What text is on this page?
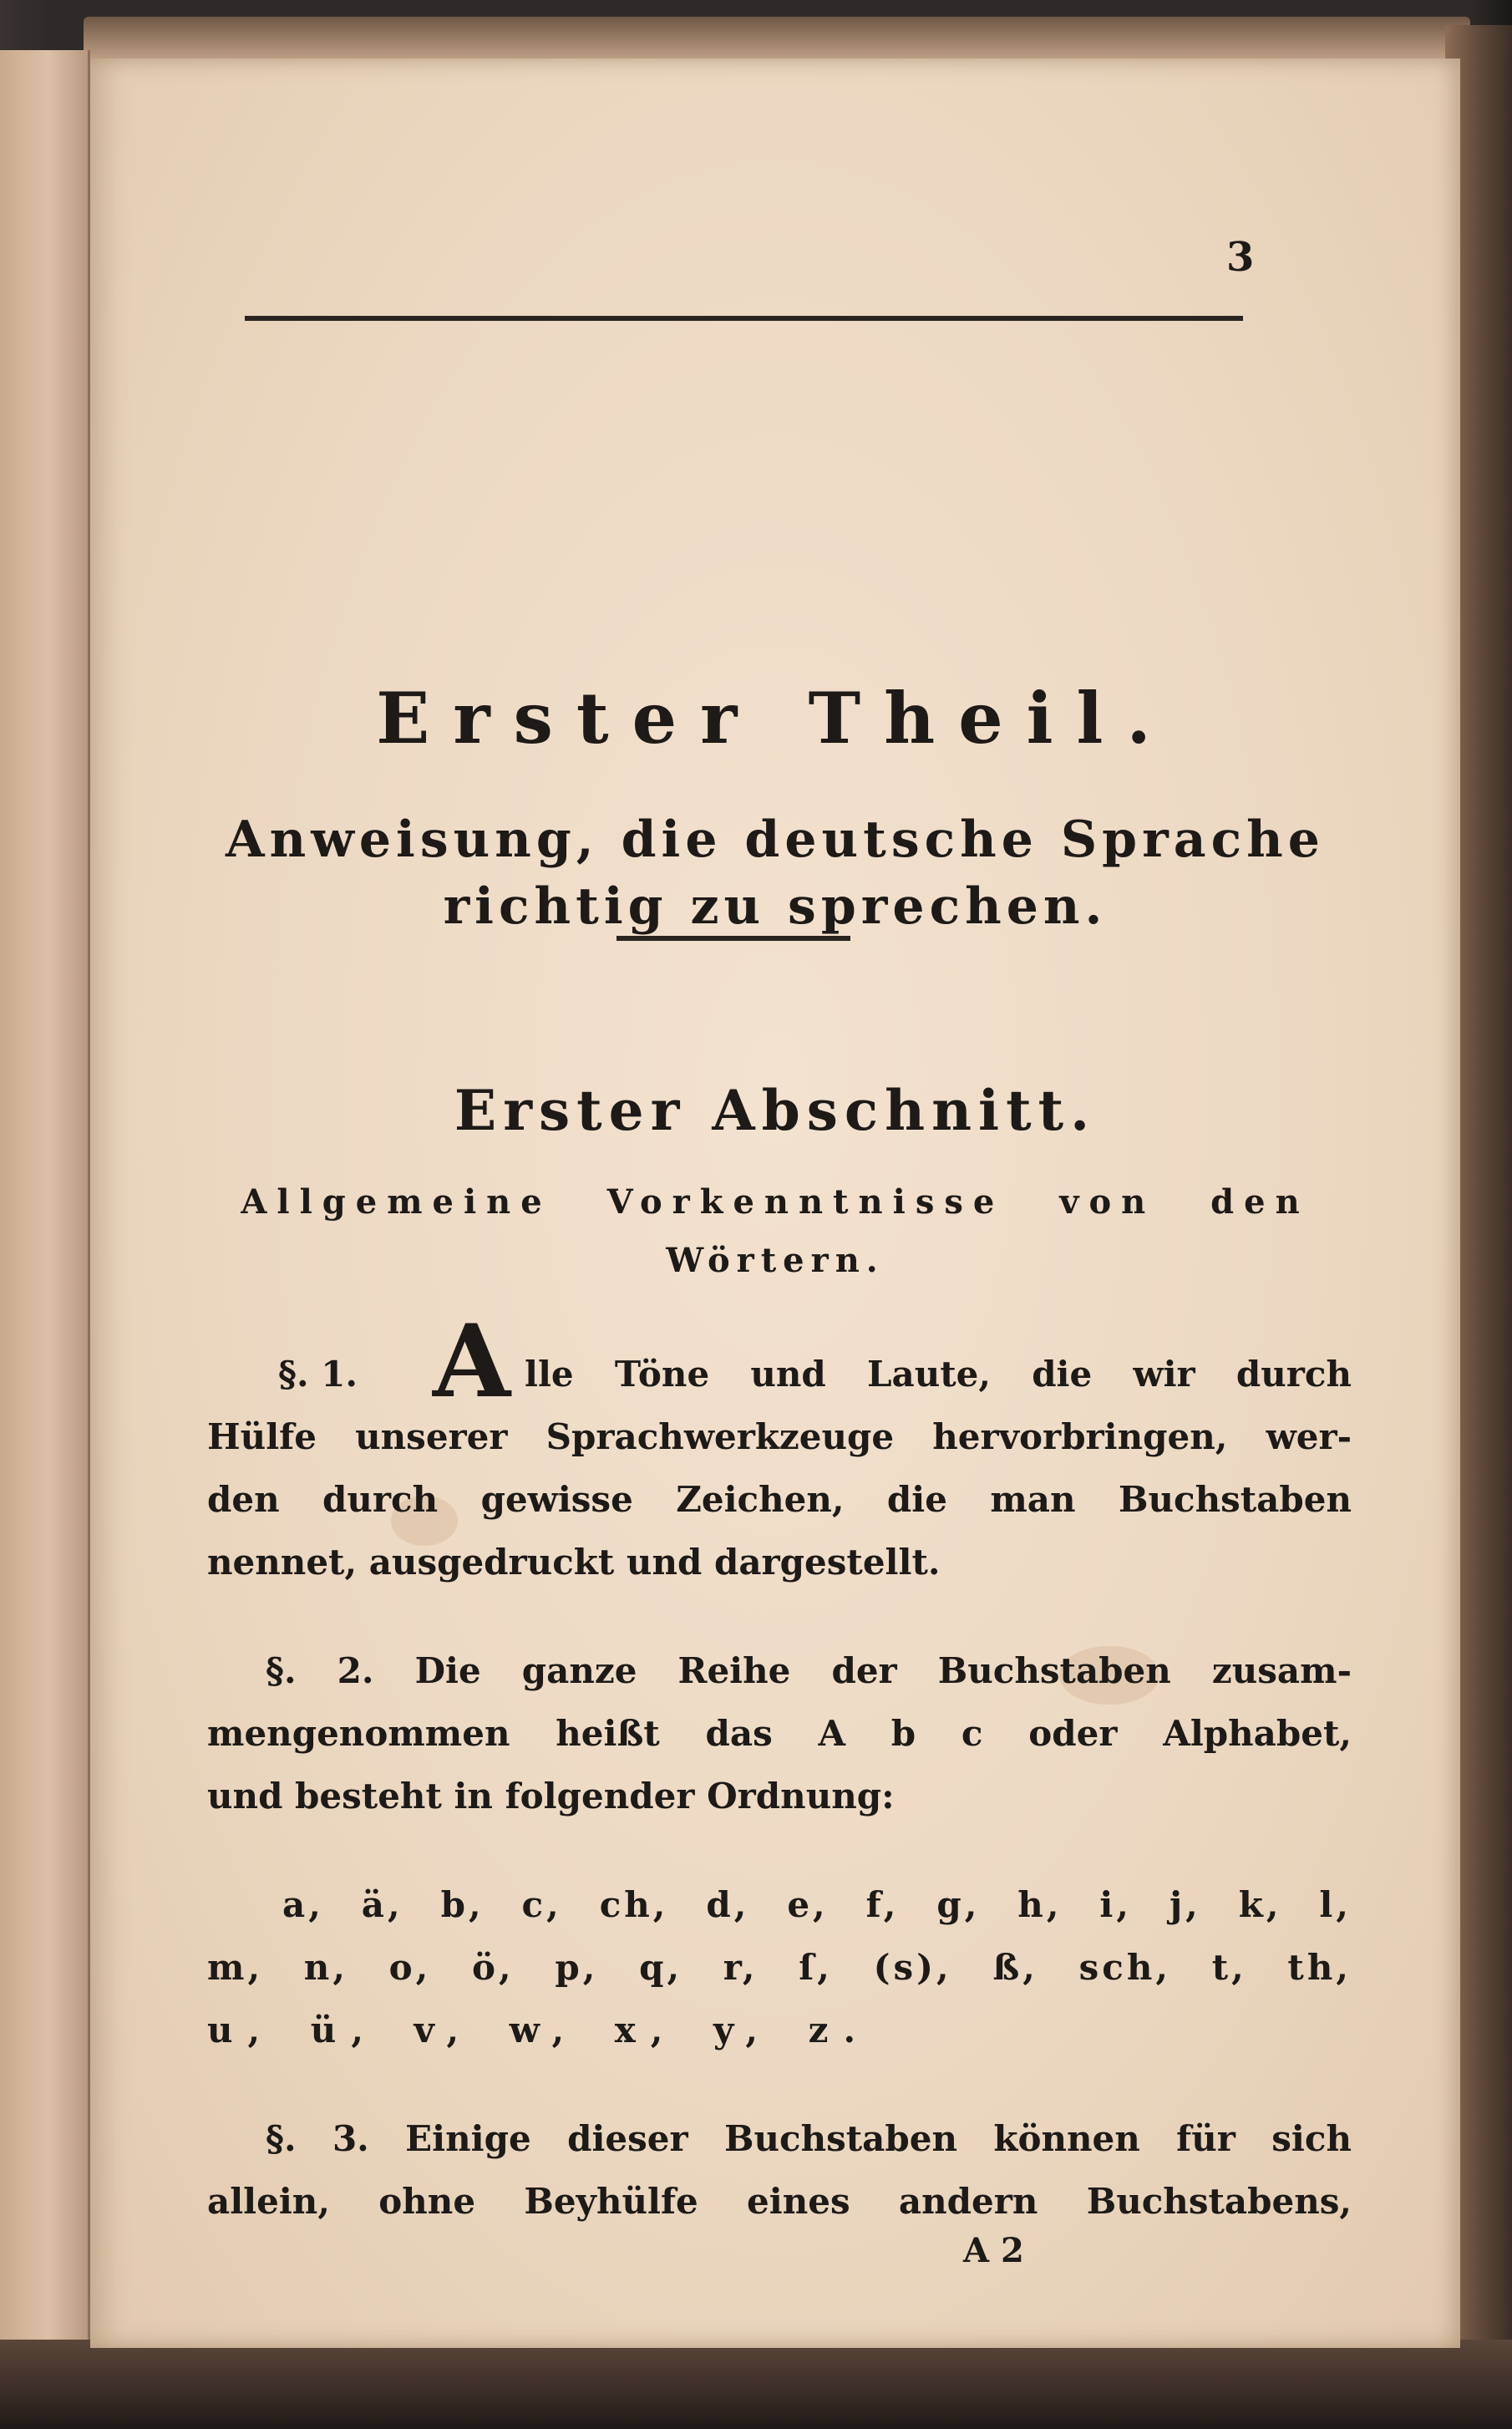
3
Erster Theil.
Anweisung, die deutsche Sprache
richtig zu sprechen.
Erster Abschnitt.
Allgemeine Vorkenntnisse von den
Wörtern.
§. 1. A lle Töne und Laute, die wir durch
Hülfe unserer Sprachwerkzeuge hervorbringen, wer-
den durch gewisse Zeichen, die man Buchstaben
nennet, ausgedruckt und dargestellt.
§. 2. Die ganze Reihe der Buchstaben zusam-
mengenommen heißt das A b c oder Alphabet,
und besteht in folgender Ordnung:
a, ä, b, c, ch, d, e, f, g, h, i, j, k, l,
m, n, o, ö, p, q, r, ſ, (s), ß, sch, t, th,
u, ü, v, w, x, y, z.
§. 3. Einige dieser Buchstaben können für sich
allein, ohne Beyhülfe eines andern Buchstabens,
A 2
